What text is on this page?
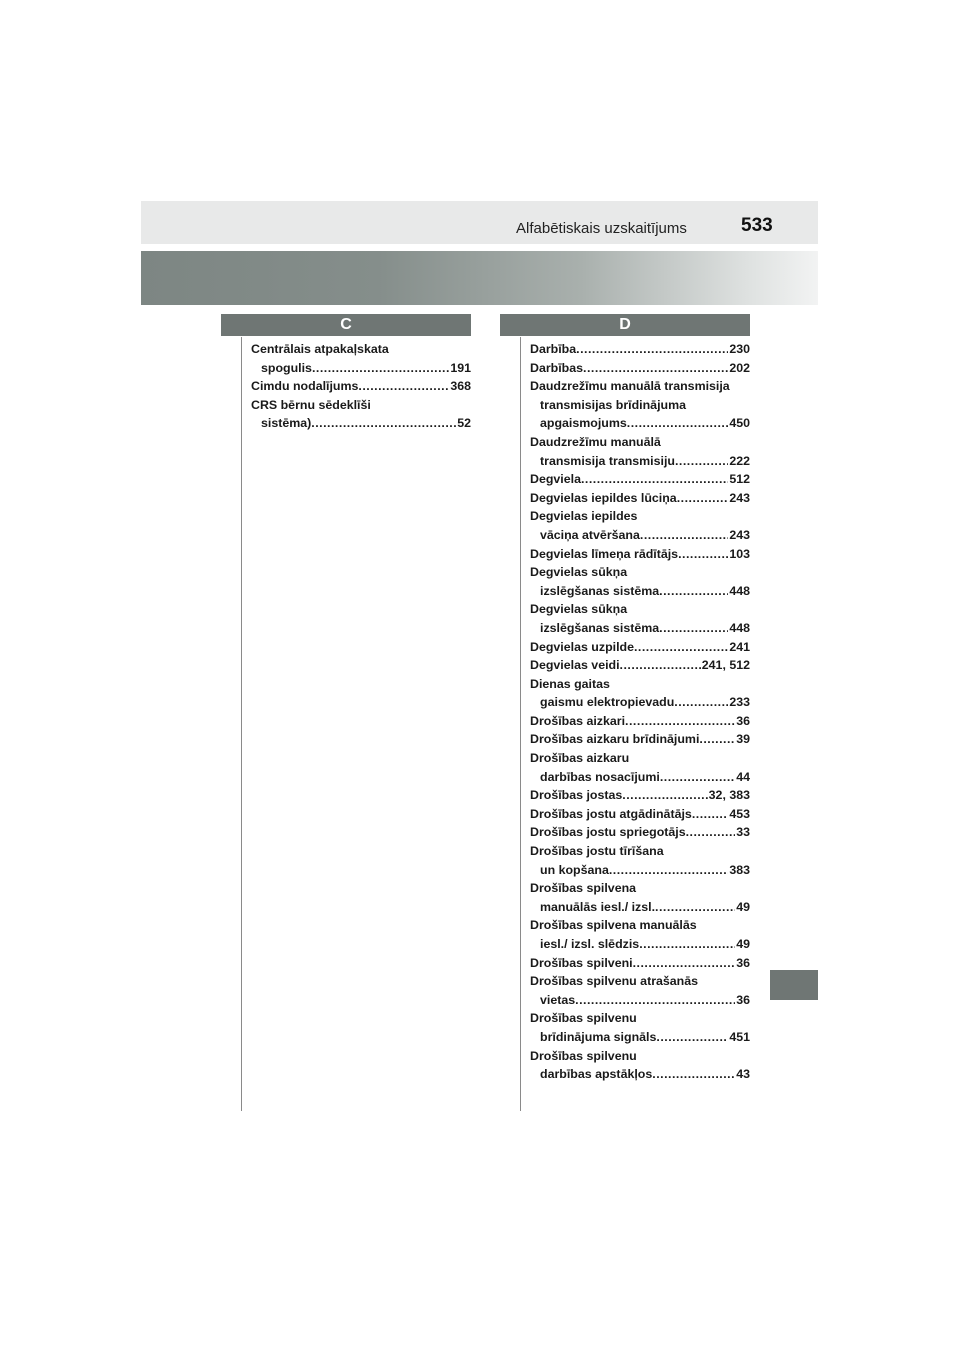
Alfabētiskais uzskaitījums	533
C	D
Centrālais atpakaļskata
spogulis .....	191
Cimdu nodalījums .....	368
CRS bērnu sēdeklīši
sistēma) .....	52
Darbība .....	230
Darbības .....	202
Daudzrežīmu manuālā transmisija
transmisijas brīdinājuma
apgaismojums .....	450
Daudzrežīmu manuālā
transmisija transmisiju .....	222
Degviela .....	512
Degvielas iepildes lūciņa .....	243
Degvielas iepildes
vāciņa atvēršana .....	243
Degvielas līmeņa rādītājs .....	103
Degvielas sūkņa
izslēgšanas sistēma .....	448
Degvielas sūkņa
izslēgšanas sistēma .....	448
Degvielas uzpilde .....	241
Degvielas veidi .....	241, 512
Dienas gaitas
gaismu elektropievadu .....	233
Drošības aizkari .....	36
Drošības aizkaru brīdinājumi .....	39
Drošības aizkaru
darbības nosacījumi .....	44
Drošības jostas .....	32, 383
Drošības jostu atgādinātājs .....	453
Drošības jostu spriegotājs .....	33
Drošības jostu tīrīšana
un kopšana .....	383
Drošības spilvena
manuālās iesl./ izsl. .....	49
Drošības spilvena manuālās
iesl./ izsl. slēdzis .....	49
Drošības spilveni .....	36
Drošības spilvenu atrašanās
vietas .....	36
Drošības spilvenu
brīdinājuma signāls .....	451
Drošības spilvenu
darbības apstākļos .....	43
